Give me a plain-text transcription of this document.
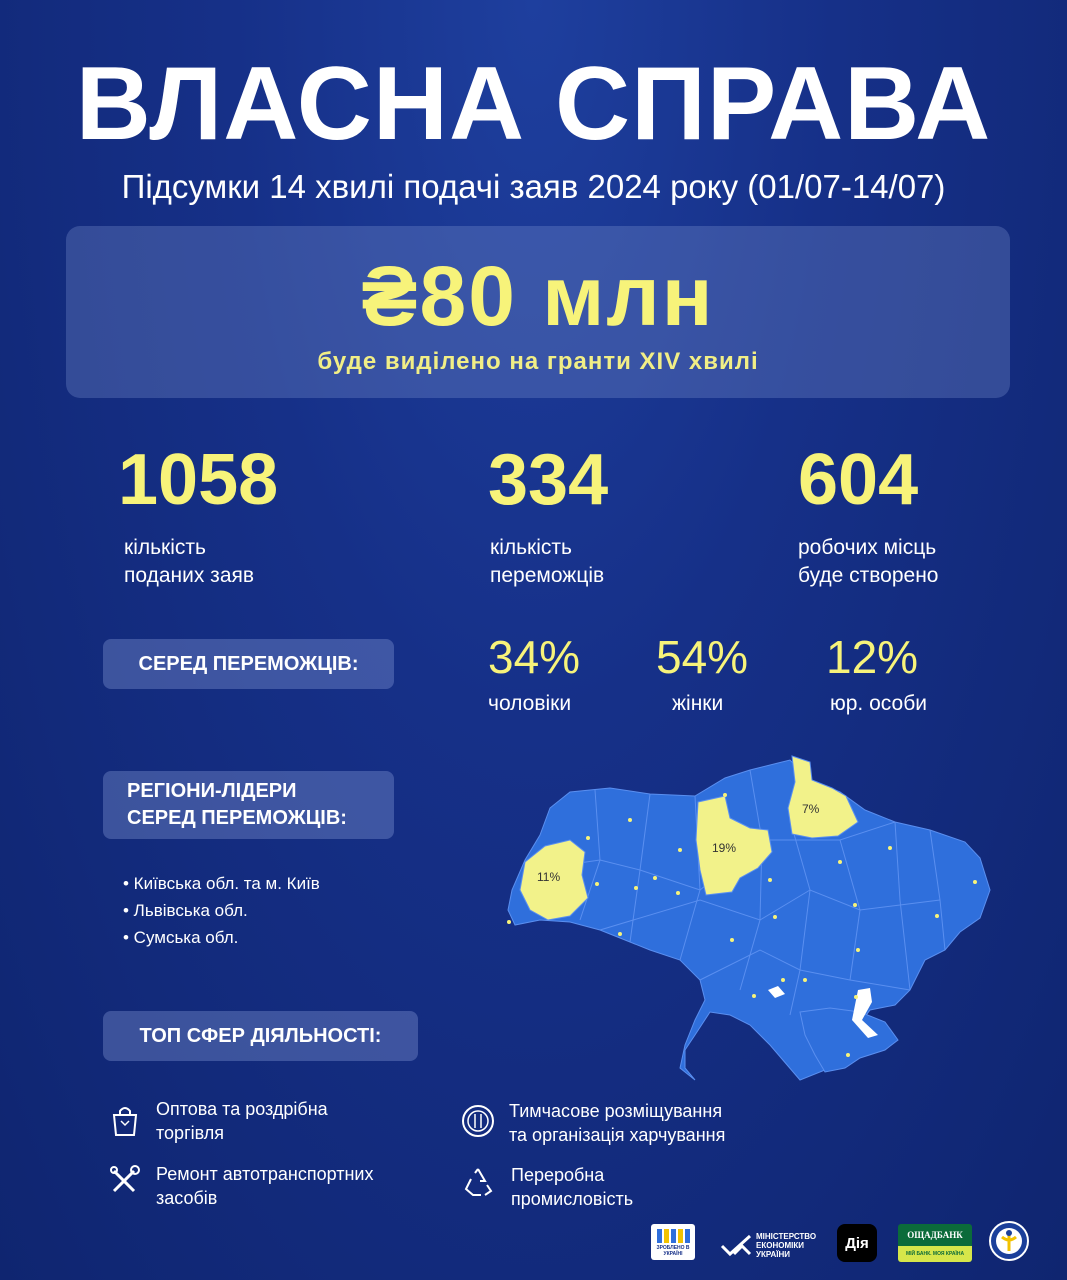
ВЛАСНА СПРАВА
Підсумки 14 хвилі подачі заяв 2024 року (01/07-14/07)
₴80 млн
буде виділено на гранти XIV хвилі
1058
кількість
поданих заяв
334
кількість
переможців
604
робочих місць
буде створено
СЕРЕД ПЕРЕМОЖЦІВ:	34%
чоловіки
54%
жінки
12%
юр. особи
РЕГІОНИ-ЛІДЕРИ
СЕРЕД ПЕРЕМОЖЦІВ:
• Київська обл. та м. Київ
• Львівська обл.
• Сумська обл.
11%
19%
7%
ТОП СФЕР ДІЯЛЬНОСТІ:
Оптова та роздрібна
торгівля
Тимчасове розміщування
та організація харчування
Ремонт автотранспортних
засобів
Переробна
промисловість
ЗРОБЛЕНО В УКРАЇНІ
МІНІСТЕРСТВО
ЕКОНОМІКИ
УКРАЇНИ
Дія	ОЩАДБАНК
МІЙ БАНК. МОЯ КРАЇНА
